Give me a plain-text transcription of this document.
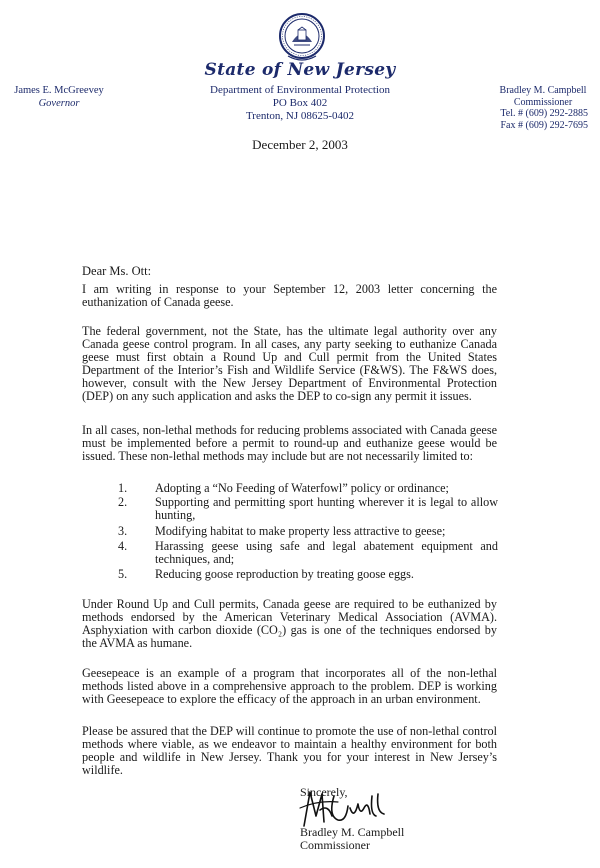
State of New Jersey
James E. McGreevey
Governor
Department of Environmental Protection
PO Box 402
Trenton, NJ 08625-0402
Bradley M. Campbell
Commissioner
Tel. # (609) 292-2885
Fax # (609) 292-7695
December 2, 2003
Dear Ms. Ott:

I am writing in response to your September 12, 2003 letter concerning the euthanization of Canada geese.

The federal government, not the State, has the ultimate legal authority over any Canada geese control program. In all cases, any party seeking to euthanize Canada geese must first obtain a Round Up and Cull permit from the United States Department of the Interior’s Fish and Wildlife Service (F&WS). The F&WS does, however, consult with the New Jersey Department of Environmental Protection (DEP) on any such application and asks the DEP to co-sign any permit it issues.

In all cases, non-lethal methods for reducing problems associated with Canada geese must be implemented before a permit to round-up and euthanize geese would be issued. These non-lethal methods may include but are not necessarily limited to:

1. Adopting a “No Feeding of Waterfowl” policy or ordinance;
2. Supporting and permitting sport hunting wherever it is legal to allow hunting,
3. Modifying habitat to make property less attractive to geese;
4. Harassing geese using safe and legal abatement equipment and techniques, and;
5. Reducing goose reproduction by treating goose eggs.

Under Round Up and Cull permits, Canada geese are required to be euthanized by methods endorsed by the American Veterinary Medical Association (AVMA). Asphyxiation with carbon dioxide (CO₂) gas is one of the techniques endorsed by the AVMA as humane.

Geesepeace is an example of a program that incorporates all of the non-lethal methods listed above in a comprehensive approach to the problem. DEP is working with Geesepeace to explore the efficacy of the approach in an urban environment.

Please be assured that the DEP will continue to promote the use of non-lethal control methods where viable, as we endeavor to maintain a healthy environment for both people and wildlife in New Jersey. Thank you for your interest in New Jersey’s wildlife.

Sincerely,
Bradley M. Campbell
Commissioner
